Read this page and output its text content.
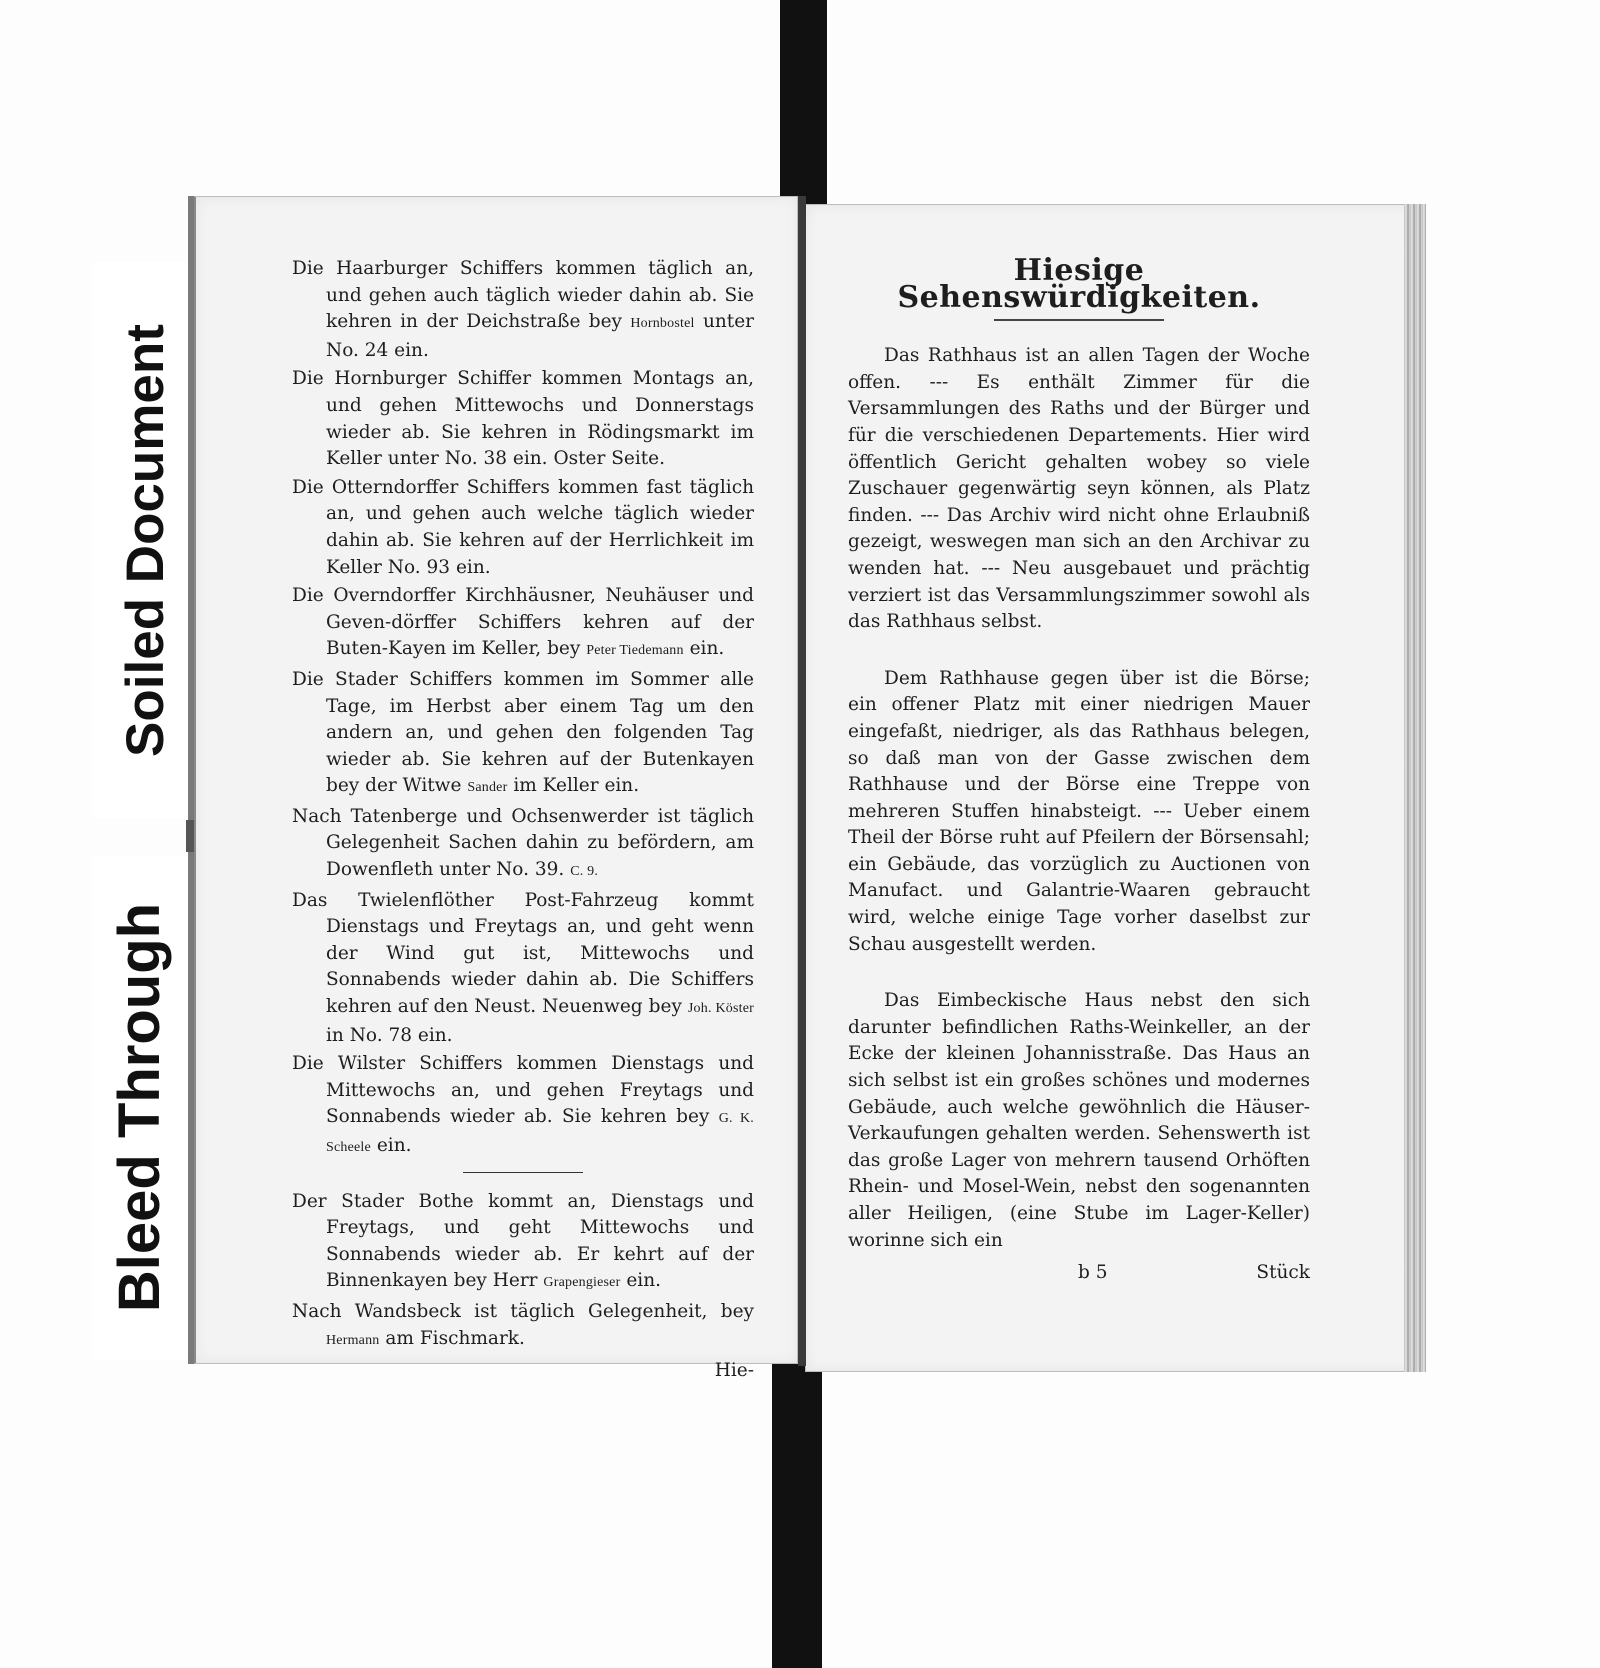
Soiled Document
Bleed Through

Die Haarburger Schiffers kommen täglich an, und gehen auch täglich wieder dahin ab. Sie kehren in der Deichstraße bey Hornbostel unter No. 24 ein.

Die Hornburger Schiffer kommen Montags an, und gehen Mittewochs und Donnerstags wieder ab. Sie kehren in Rödingsmarkt im Keller unter No. 38 ein. Oster Seite.

Die Otterndorffer Schiffers kommen fast täglich an, und gehen auch welche täglich wieder dahin ab. Sie kehren auf der Herrlichkeit im Keller No. 93 ein.

Die Overndorffer Kirchhäusner, Neuhäuser und Geven-dörffer Schiffers kehren auf der Buten-Kayen im Keller, bey Peter Tiedemann ein.

Die Stader Schiffers kommen im Sommer alle Tage, im Herbst aber einem Tag um den andern an, und gehen den folgenden Tag wieder ab. Sie kehren auf der Butenkayen bey der Witwe Sander im Keller ein.

Nach Tatenberge und Ochsenwerder ist täglich Gelegenheit Sachen dahin zu befördern, am Dowenfleth unter No. 39. C. 9.

Das Twielenflöther Post-Fahrzeug kommt Dienstags und Freytags an, und geht wenn der Wind gut ist, Mittewochs und Sonnabends wieder dahin ab. Die Schiffers kehren auf den Neust. Neuenweg bey Joh. Köster in No. 78 ein.

Die Wilster Schiffers kommen Dienstags und Mittewochs an, und gehen Freytags und Sonnabends wieder ab. Sie kehren bey G. K. Scheele ein.

Der Stader Bothe kommt an, Dienstags und Freytags, und geht Mittewochs und Sonnabends wieder ab. Er kehrt auf der Binnenkayen bey Herr Grapengieser ein.

Nach Wandsbeck ist täglich Gelegenheit, bey Hermann am Fischmark.

Hie-
Hiesige Sehenswürdigkeiten.

Das Rathhaus ist an allen Tagen der Woche offen. --- Es enthält Zimmer für die Versammlungen des Raths und der Bürger und für die verschiedenen Departements. Hier wird öffentlich Gericht gehalten wobey so viele Zuschauer gegenwärtig seyn können, als Platz finden. --- Das Archiv wird nicht ohne Erlaubniß gezeigt, weswegen man sich an den Archivar zu wenden hat. --- Neu ausgebauet und prächtig verziert ist das Versammlungszimmer sowohl als das Rathhaus selbst.

Dem Rathhause gegen über ist die Börse; ein offener Platz mit einer niedrigen Mauer eingefaßt, niedriger, als das Rathhaus belegen, so daß man von der Gasse zwischen dem Rathhause und der Börse eine Treppe von mehreren Stuffen hinabsteigt. --- Ueber einem Theil der Börse ruht auf Pfeilern der Börsensahl; ein Gebäude, das vorzüglich zu Auctionen von Manufact. und Galantrie-Waaren gebraucht wird, welche einige Tage vorher daselbst zur Schau ausgestellt werden.

Das Eimbeckische Haus nebst den sich darunter befindlichen Raths-Weinkeller, an der Ecke der kleinen Johannisstraße. Das Haus an sich selbst ist ein großes schönes und modernes Gebäude, auch welche gewöhnlich die Häuser-Verkaufungen gehalten werden. Sehenswerth ist das große Lager von mehrern tausend Orhöften Rhein- und Mosel-Wein, nebst den sogenannten aller Heiligen, (eine Stube im Lager-Keller) worinne sich ein

b 5	Stück
